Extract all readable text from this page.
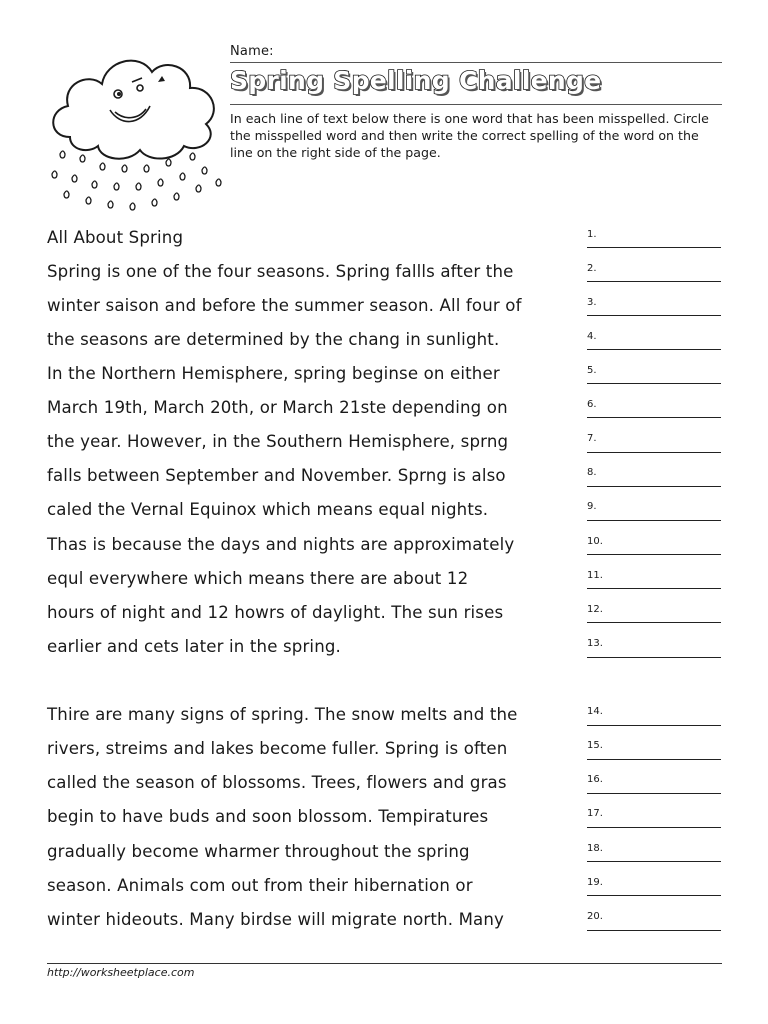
Name:
Spring Spelling Challenge
In each line of text below there is one word that has been misspelled. Circle the misspelled word and then write the correct spelling of the word on the line on the right side of the page.
All About Spring
Spring is one of the four seasons. Spring fallls after the
winter saison and before the summer season. All four of
the seasons are determined by the chang in sunlight.
In the Northern Hemisphere, spring beginse on either
March 19th, March 20th, or March 21ste depending on
the year. However, in the Southern Hemisphere, sprng
falls between September and November. Sprng is also
caled the Vernal Equinox which means equal nights.
Thas is because the days and nights are approximately
equl everywhere which means there are about 12
hours of night and 12 howrs of daylight. The sun rises
earlier and cets later in the spring.
Thire are many signs of spring. The snow melts and the
rivers, streims and lakes become fuller. Spring is often
called the season of blossoms. Trees, flowers and gras
begin to have buds and soon blossom. Tempiratures
gradually become wharmer throughout the spring
season. Animals com out from their hibernation or
winter hideouts. Many birdse will migrate north. Many
1.
2.
3.
4.
5.
6.
7.
8.
9.
10.
11.
12.
13.
14.
15.
16.
17.
18.
19.
20.
http://worksheetplace.com
